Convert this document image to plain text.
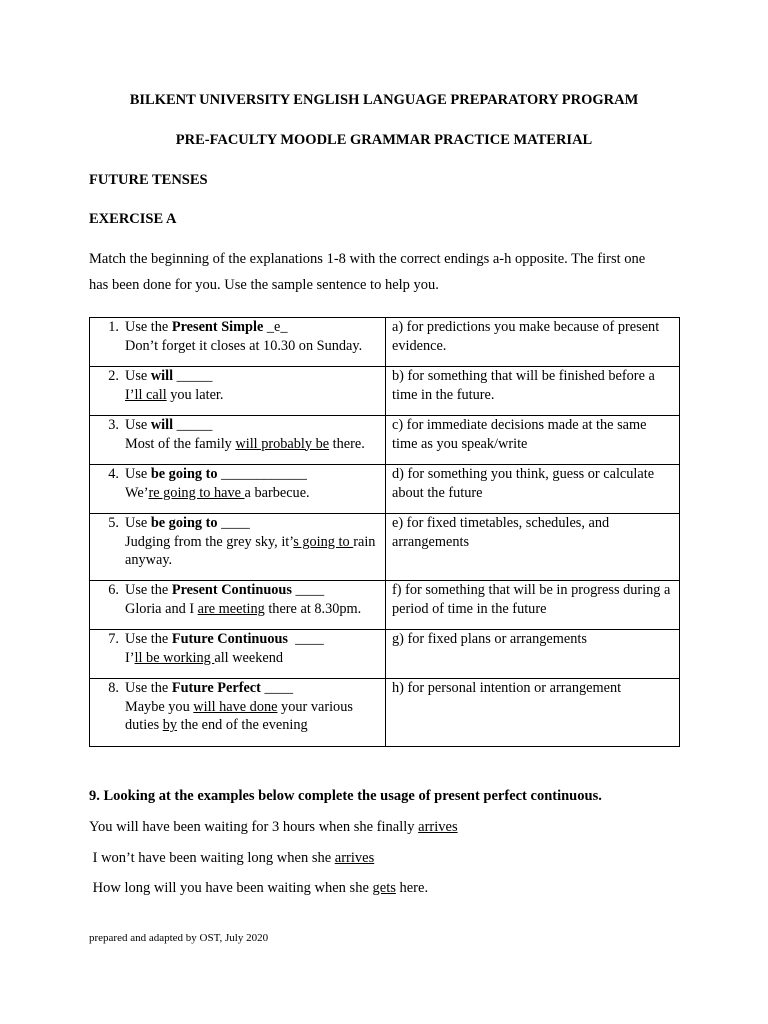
BILKENT UNIVERSITY ENGLISH LANGUAGE PREPARATORY PROGRAM
PRE-FACULTY MOODLE GRAMMAR PRACTICE MATERIAL
FUTURE TENSES
EXERCISE A
Match the beginning of the explanations 1-8 with the correct endings a-h opposite. The first one
has been done for you. Use the sample sentence to help you.
1. Use the Present Simple _e_
Don’t forget it closes at 10.30 on Sunday.	a) for predictions you make because of present evidence.

2. Use will _____
I’ll call you later.	b) for something that will be finished before a time in the future.

3. Use will _____
Most of the family will probably be there.	c) for immediate decisions made at the same time as you speak/write

4. Use be going to ____________
We’re going to have a barbecue.	d) for something you think, guess or calculate about the future

5. Use be going to ____
Judging from the grey sky, it’s going to rain anyway.	e) for fixed timetables, schedules, and arrangements

6. Use the Present Continuous ____
Gloria and I are meeting there at 8.30pm.	f) for something that will be in progress during a period of time in the future

7. Use the Future Continuous  ____
I’ll be working all weekend	g) for fixed plans or arrangements

8. Use the Future Perfect ____
Maybe you will have done your various duties by the end of the evening	h) for personal intention or arrangement
9. Looking at the examples below complete the usage of present perfect continuous.
You will have been waiting for 3 hours when she finally arrives
I won’t have been waiting long when she arrives
How long will you have been waiting when she gets here.
prepared and adapted by OST, July 2020
